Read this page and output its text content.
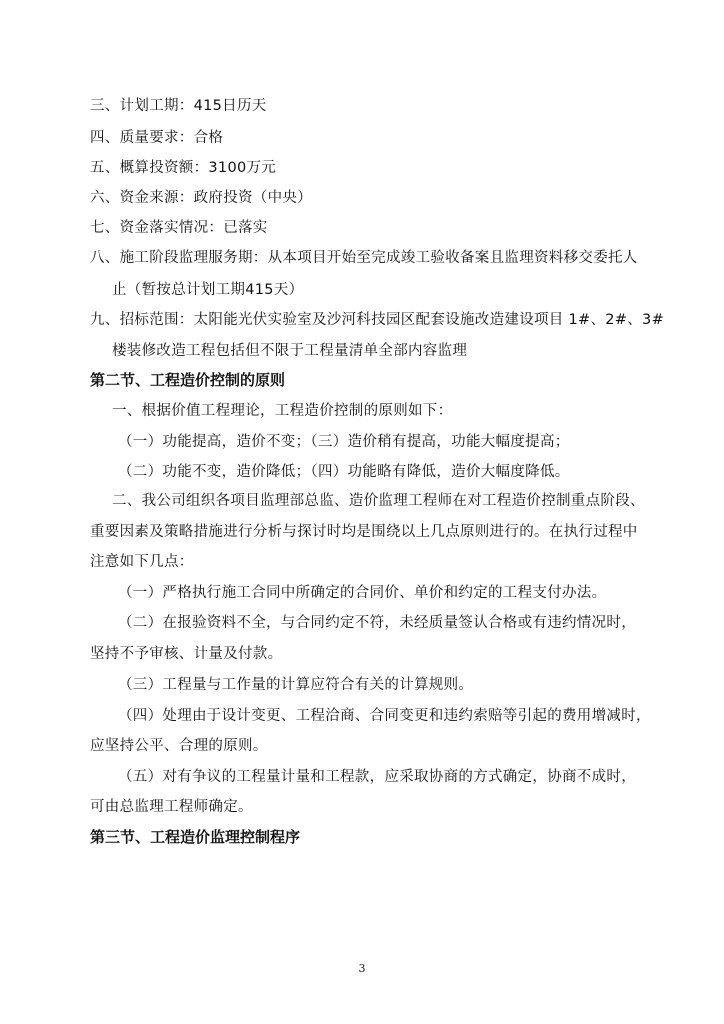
三、计划工期：415日历天
四、质量要求：合格
五、概算投资额：3100万元
六、资金来源：政府投资（中央）
七、资金落实情况：已落实
八、施工阶段监理服务期：从本项目开始至完成竣工验收备案且监理资料移交委托人
止（暂按总计划工期415天）
九、招标范围：太阳能光伏实验室及沙河科技园区配套设施改造建设项目 1#、2#、3#
楼装修改造工程包括但不限于工程量清单全部内容监理
第二节、工程造价控制的原则
一、根据价值工程理论，工程造价控制的原则如下：
（一）功能提高，造价不变；（三）造价稍有提高，功能大幅度提高；
（二）功能不变，造价降低；（四）功能略有降低，造价大幅度降低。
二、我公司组织各项目监理部总监、造价监理工程师在对工程造价控制重点阶段、
重要因素及策略措施进行分析与探讨时均是围绕以上几点原则进行的。在执行过程中
注意如下几点：
（一）严格执行施工合同中所确定的合同价、单价和约定的工程支付办法。
（二）在报验资料不全，与合同约定不符，未经质量签认合格或有违约情况时，
坚持不予审核、计量及付款。
（三）工程量与工作量的计算应符合有关的计算规则。
（四）处理由于设计变更、工程洽商、合同变更和违约索赔等引起的费用增减时，
应坚持公平、合理的原则。
（五）对有争议的工程量计量和工程款，应采取协商的方式确定，协商不成时，
可由总监理工程师确定。
第三节、工程造价监理控制程序
3
